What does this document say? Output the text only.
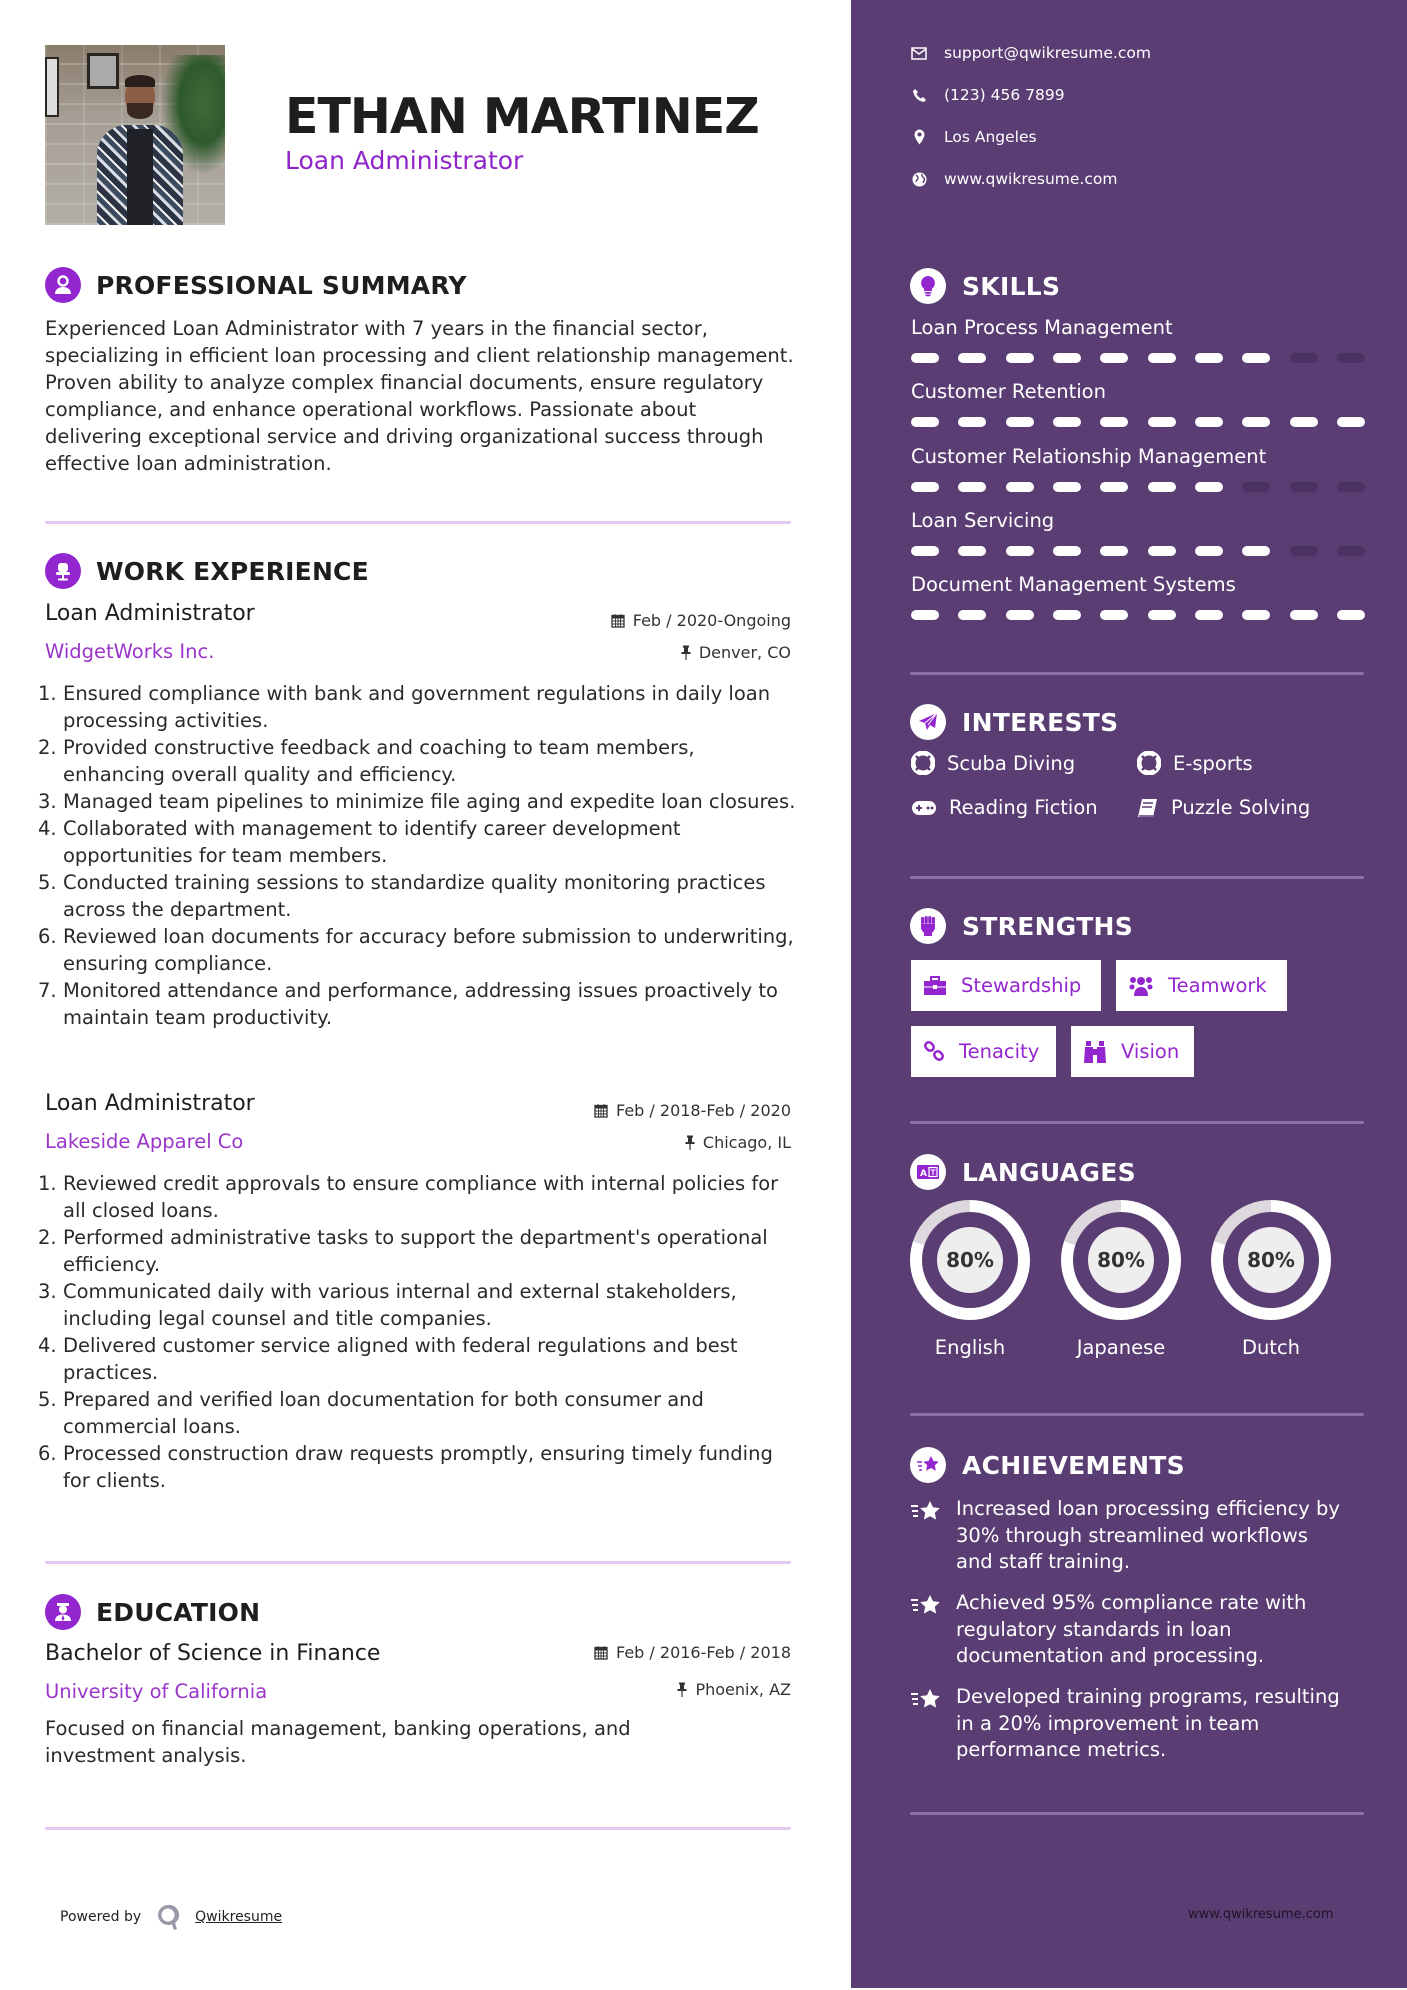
ETHAN MARTINEZ
Loan Administrator
PROFESSIONAL SUMMARY
Experienced Loan Administrator with 7 years in the financial sector, specializing in efficient loan processing and client relationship management. Proven ability to analyze complex financial documents, ensure regulatory compliance, and enhance operational workflows. Passionate about delivering exceptional service and driving organizational success through effective loan administration.
WORK EXPERIENCE
Loan Administrator	Feb / 2020-Ongoing
WidgetWorks Inc.	Denver, CO
1. Ensured compliance with bank and government regulations in daily loan processing activities.
2. Provided constructive feedback and coaching to team members, enhancing overall quality and efficiency.
3. Managed team pipelines to minimize file aging and expedite loan closures.
4. Collaborated with management to identify career development opportunities for team members.
5. Conducted training sessions to standardize quality monitoring practices across the department.
6. Reviewed loan documents for accuracy before submission to underwriting, ensuring compliance.
7. Monitored attendance and performance, addressing issues proactively to maintain team productivity.
Loan Administrator	Feb / 2018-Feb / 2020
Lakeside Apparel Co	Chicago, IL
1. Reviewed credit approvals to ensure compliance with internal policies for all closed loans.
2. Performed administrative tasks to support the department's operational efficiency.
3. Communicated daily with various internal and external stakeholders, including legal counsel and title companies.
4. Delivered customer service aligned with federal regulations and best practices.
5. Prepared and verified loan documentation for both consumer and commercial loans.
6. Processed construction draw requests promptly, ensuring timely funding for clients.
EDUCATION
Bachelor of Science in Finance	Feb / 2016-Feb / 2018
University of California	Phoenix, AZ
Focused on financial management, banking operations, and investment analysis.
Powered by	Qwikresume
support@qwikresume.com
(123) 456 7899
Los Angeles
www.qwikresume.com
SKILLS
Loan Process Management
Customer Retention
Customer Relationship Management
Loan Servicing
Document Management Systems
INTERESTS
Scuba Diving	E-sports
Reading Fiction	Puzzle Solving
STRENGTHS
Stewardship	Teamwork
Tenacity	Vision
A LANGUAGES
80%
English
80%
Japanese
80%
Dutch
ACHIEVEMENTS
Increased loan processing efficiency by 30% through streamlined workflows and staff training.
Achieved 95% compliance rate with regulatory standards in loan documentation and processing.
Developed training programs, resulting in a 20% improvement in team performance metrics.
www.qwikresume.com
